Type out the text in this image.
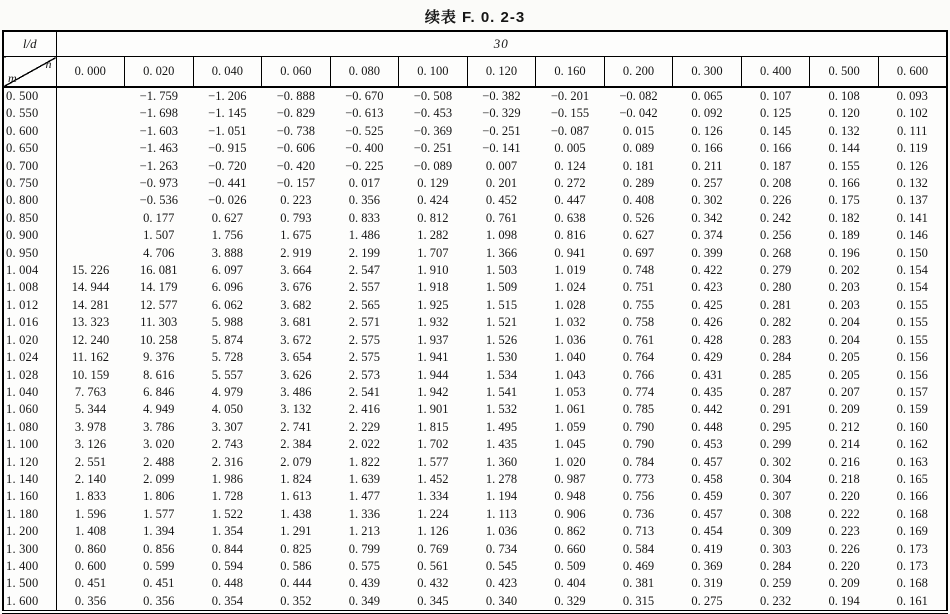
续表 F. 0. 2-3
l/d	30												

n
m	0. 000	0. 020	0. 040	0. 060	0. 080	0. 100	0. 120	0. 160	0. 200	0. 300	0. 400	0. 500	0. 600
0. 500		−1. 759	−1. 206	−0. 888	−0. 670	−0. 508	−0. 382	−0. 201	−0. 082	0. 065	0. 107	0. 108	0. 093
0. 550		−1. 698	−1. 145	−0. 829	−0. 613	−0. 453	−0. 329	−0. 155	−0. 042	0. 092	0. 125	0. 120	0. 102
0. 600		−1. 603	−1. 051	−0. 738	−0. 525	−0. 369	−0. 251	−0. 087	0. 015	0. 126	0. 145	0. 132	0. 111
0. 650		−1. 463	−0. 915	−0. 606	−0. 400	−0. 251	−0. 141	0. 005	0. 089	0. 166	0. 166	0. 144	0. 119
0. 700		−1. 263	−0. 720	−0. 420	−0. 225	−0. 089	0. 007	0. 124	0. 181	0. 211	0. 187	0. 155	0. 126
0. 750		−0. 973	−0. 441	−0. 157	0. 017	0. 129	0. 201	0. 272	0. 289	0. 257	0. 208	0. 166	0. 132
0. 800		−0. 536	−0. 026	0. 223	0. 356	0. 424	0. 452	0. 447	0. 408	0. 302	0. 226	0. 175	0. 137
0. 850		0. 177	0. 627	0. 793	0. 833	0. 812	0. 761	0. 638	0. 526	0. 342	0. 242	0. 182	0. 141
0. 900		1. 507	1. 756	1. 675	1. 486	1. 282	1. 098	0. 816	0. 627	0. 374	0. 256	0. 189	0. 146
0. 950		4. 706	3. 888	2. 919	2. 199	1. 707	1. 366	0. 941	0. 697	0. 399	0. 268	0. 196	0. 150
1. 004	15. 226	16. 081	6. 097	3. 664	2. 547	1. 910	1. 503	1. 019	0. 748	0. 422	0. 279	0. 202	0. 154
1. 008	14. 944	14. 179	6. 096	3. 676	2. 557	1. 918	1. 509	1. 024	0. 751	0. 423	0. 280	0. 203	0. 154
1. 012	14. 281	12. 577	6. 062	3. 682	2. 565	1. 925	1. 515	1. 028	0. 755	0. 425	0. 281	0. 203	0. 155
1. 016	13. 323	11. 303	5. 988	3. 681	2. 571	1. 932	1. 521	1. 032	0. 758	0. 426	0. 282	0. 204	0. 155
1. 020	12. 240	10. 258	5. 874	3. 672	2. 575	1. 937	1. 526	1. 036	0. 761	0. 428	0. 283	0. 204	0. 155
1. 024	11. 162	9. 376	5. 728	3. 654	2. 575	1. 941	1. 530	1. 040	0. 764	0. 429	0. 284	0. 205	0. 156
1. 028	10. 159	8. 616	5. 557	3. 626	2. 573	1. 944	1. 534	1. 043	0. 766	0. 431	0. 285	0. 205	0. 156
1. 040	7. 763	6. 846	4. 979	3. 486	2. 541	1. 942	1. 541	1. 053	0. 774	0. 435	0. 287	0. 207	0. 157
1. 060	5. 344	4. 949	4. 050	3. 132	2. 416	1. 901	1. 532	1. 061	0. 785	0. 442	0. 291	0. 209	0. 159
1. 080	3. 978	3. 786	3. 307	2. 741	2. 229	1. 815	1. 495	1. 059	0. 790	0. 448	0. 295	0. 212	0. 160
1. 100	3. 126	3. 020	2. 743	2. 384	2. 022	1. 702	1. 435	1. 045	0. 790	0. 453	0. 299	0. 214	0. 162
1. 120	2. 551	2. 488	2. 316	2. 079	1. 822	1. 577	1. 360	1. 020	0. 784	0. 457	0. 302	0. 216	0. 163
1. 140	2. 140	2. 099	1. 986	1. 824	1. 639	1. 452	1. 278	0. 987	0. 773	0. 458	0. 304	0. 218	0. 165
1. 160	1. 833	1. 806	1. 728	1. 613	1. 477	1. 334	1. 194	0. 948	0. 756	0. 459	0. 307	0. 220	0. 166
1. 180	1. 596	1. 577	1. 522	1. 438	1. 336	1. 224	1. 113	0. 906	0. 736	0. 457	0. 308	0. 222	0. 168
1. 200	1. 408	1. 394	1. 354	1. 291	1. 213	1. 126	1. 036	0. 862	0. 713	0. 454	0. 309	0. 223	0. 169
1. 300	0. 860	0. 856	0. 844	0. 825	0. 799	0. 769	0. 734	0. 660	0. 584	0. 419	0. 303	0. 226	0. 173
1. 400	0. 600	0. 599	0. 594	0. 586	0. 575	0. 561	0. 545	0. 509	0. 469	0. 369	0. 284	0. 220	0. 173
1. 500	0. 451	0. 451	0. 448	0. 444	0. 439	0. 432	0. 423	0. 404	0. 381	0. 319	0. 259	0. 209	0. 168
1. 600	0. 356	0. 356	0. 354	0. 352	0. 349	0. 345	0. 340	0. 329	0. 315	0. 275	0. 232	0. 194	0. 161
